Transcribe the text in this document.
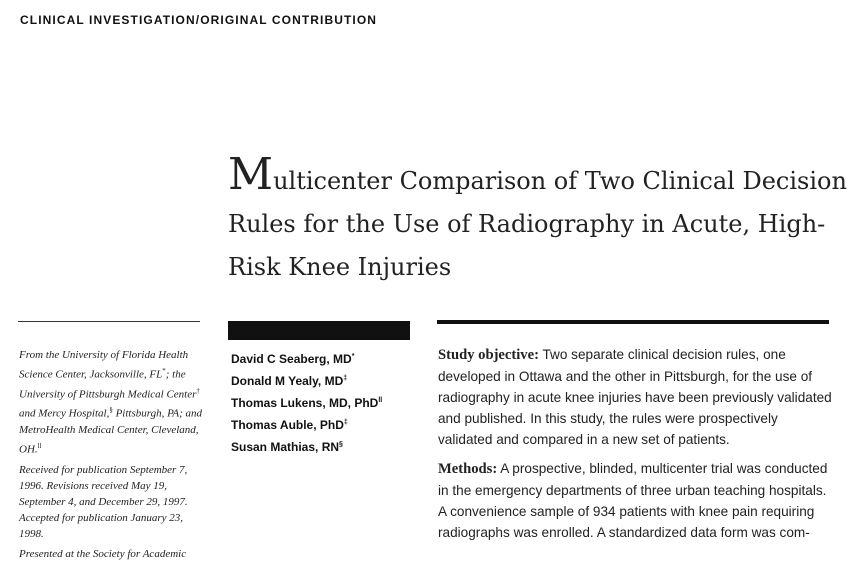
CLINICAL INVESTIGATION/ORIGINAL CONTRIBUTION
Multicenter Comparison of Two Clinical Decision Rules for the Use of Radiography in Acute, High-Risk Knee Injuries

From the University of Florida Health Science Center, Jacksonville, FL*; the University of Pittsburgh Medical Center† and Mercy Hospital,§ Pittsburgh, PA; and MetroHealth Medical Center, Cleveland, OH.$^{ll}$

Received for publication September 7, 1996. Revisions received May 19, September 4, and December 29, 1997. Accepted for publication January 23, 1998.

Presented at the Society for Academic

David C Seaberg, MD*
Donald M Yealy, MD‡
Thomas Lukens, MD, PhD$^{ll}$
Thomas Auble, PhD‡
Susan Mathias, RN§

Study objective: Two separate clinical decision rules, one developed in Ottawa and the other in Pittsburgh, for the use of radiography in acute knee injuries have been previously validated and published. In this study, the rules were prospectively validated and compared in a new set of patients.

Methods: A prospective, blinded, multicenter trial was conducted in the emergency departments of three urban teaching hospitals. A convenience sample of 934 patients with knee pain requiring radiographs was enrolled. A standardized data form was com-
